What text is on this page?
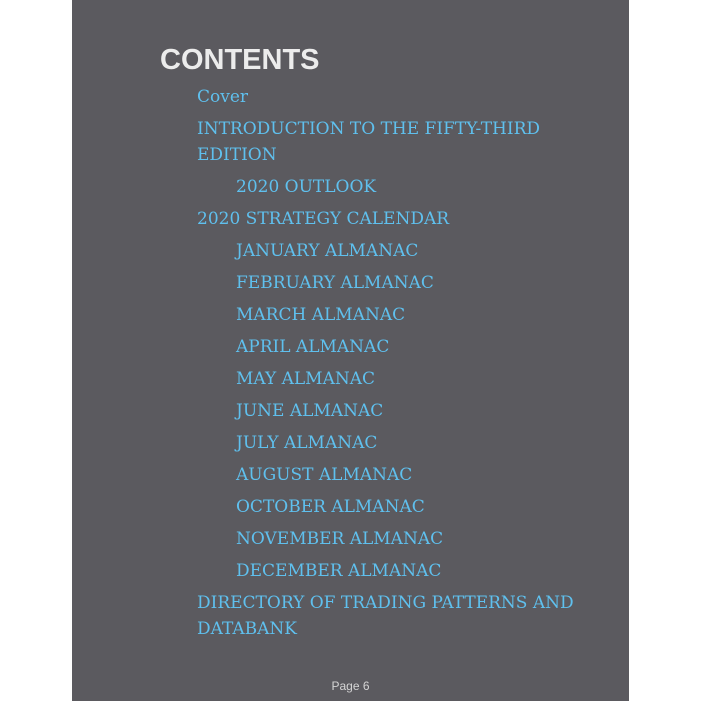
CONTENTS
Cover
INTRODUCTION TO THE FIFTY-THIRD EDITION
2020 OUTLOOK
2020 STRATEGY CALENDAR
JANUARY ALMANAC
FEBRUARY ALMANAC
MARCH ALMANAC
APRIL ALMANAC
MAY ALMANAC
JUNE ALMANAC
JULY ALMANAC
AUGUST ALMANAC
OCTOBER ALMANAC
NOVEMBER ALMANAC
DECEMBER ALMANAC
DIRECTORY OF TRADING PATTERNS AND DATABANK
Page 6
